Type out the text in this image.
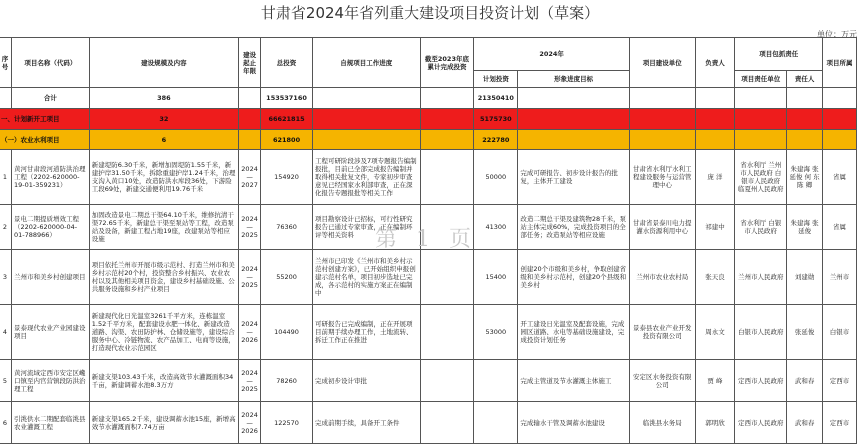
甘肃省2024年省列重大建设项目投资计划（草案）
单位：万元
序号	项目名称（代码）	建设规模及内容	建设起止年限	总投资	自规项目工作进度	截至2023年底累计完成投资	2024年		项目建设单位	负责人	项目包抓责任		项目所属
							计划投资	形象进度目标			项目责任单位	责任人	
	合计	386		153537160			21350410						
一、计划新开工项目		32		66621815			5175730						
（一）农业水利项目		6		621800			222780						
1	黄河甘肃段河道防洪治理工程（2202-620000-19-01-359231）	新建堤防6.30千米，新增加固堤防1.55千米，新建护岸31.50千米，拆除重建护岸1.24千米，治理支沟入黄口10处，改造防洪水库段36处，下游险工段69处，新建交通便利用19.76千米	2024
—
2027	154920	工程可研阶段涉及7项专题报告编制报批，目前已全部完成报告编制并取得相关批复文件，专家初步审查意见已经国家水利部审查，正在深化报告专题报批等相关工作		50000	完成可研报告、初步设计报告的批复，主体开工建设	甘肃省水利厅水利工程建设服务与运营管理中心	庞 洋	省水利厅 兰州市人民政府 白银市人民政府 临夏州人民政府	朱建海 张延俊 何 东 陈 卿	省属
2	景电二期提质增效工程（2202-620000-04-01-788966）	加固改造景电二期总干渠64.10千米，维修抗清干渠72.65千米，新建总干渠至泵站等工程，改造泵站及设备，新建工程占地19座，改建泵站等相应设施	2024
—
2025	76360	项目勘察设计已招标，可行性研究报告已通过专家审查，正在编制环评等相关资料		41300	改造二期总干渠及建筑物28千米，泵站主体完成60%，完成投资项目的全部任务；改造泵站等相应设施	甘肃省景泰川电力提灌水资源利用中心	祁建中	省水利厅 白银市人民政府	朱建海 张延俊	省属
3	兰州市和美乡村创建项目	项目依托兰州市开展市级示范村、打造兰州市和美乡村示范村20个村，投资整合乡村振兴、农业农村以及其他相关项目资金，建设乡村基础设施、公共服务设施和乡村产业项目	2024
—
2025	55200	兰州市已印发《兰州市和美乡村示范村创建方案》，已开始组织申报创建示范村名单，项目初步选址已完成，各示范村的实施方案正在编制中		15400	创建20个市级和美乡村，争取创建省级和美乡村示范村，创建20个县级和美乡村	兰州市农业农村局	张天良	兰州市人民政府	刘建勋	兰州市
4	景泰现代农业产业园建设项目	新建现代化日光温室3261千平方米，连栋温室1.52千平方米，配套建设水肥一体化、新建改造道路、沟渠、农田防护林、仓储设施等，建设综合服务中心、冷链物流、农产品加工、电商等设施，打造现代农业示范园区	2024
—
2026	104490	可研报告已完成编制，正在开展项目前期手续办理工作，土地流转、拆迁工作正在推进		53000	开工建设日光温室及配套设施，完成园区道路、水电等基础设施建设，完成投资计划任务	景泰县农业产业开发投资有限公司	周永文	白银市人民政府	张延俊	白银市
5	黄河流域定西市安定区巉口镇至内官营镇段防洪治理工程	新建支渠103.43千米，改造高效节水灌溉面积34千亩，新建调蓄水池8.3万方	2024
—
2025	78260	完成初步设计审批			完成主管道及节水灌溉主体施工	安定区水务投资有限公司	贾 峰	定西市人民政府	武和春	定西市
6	引洮供水二期配套临洮县农业灌溉工程	新建支渠165.2千米，建设调蓄水池15座，新增高效节水灌溉面积7.74万亩	2024
—
2026	122570	完成前期手续，具备开工条件			完成输水干管及调蓄水池建设	临洮县水务局	郭明欣	定西市人民政府	武和春	定西市
第 1 页
